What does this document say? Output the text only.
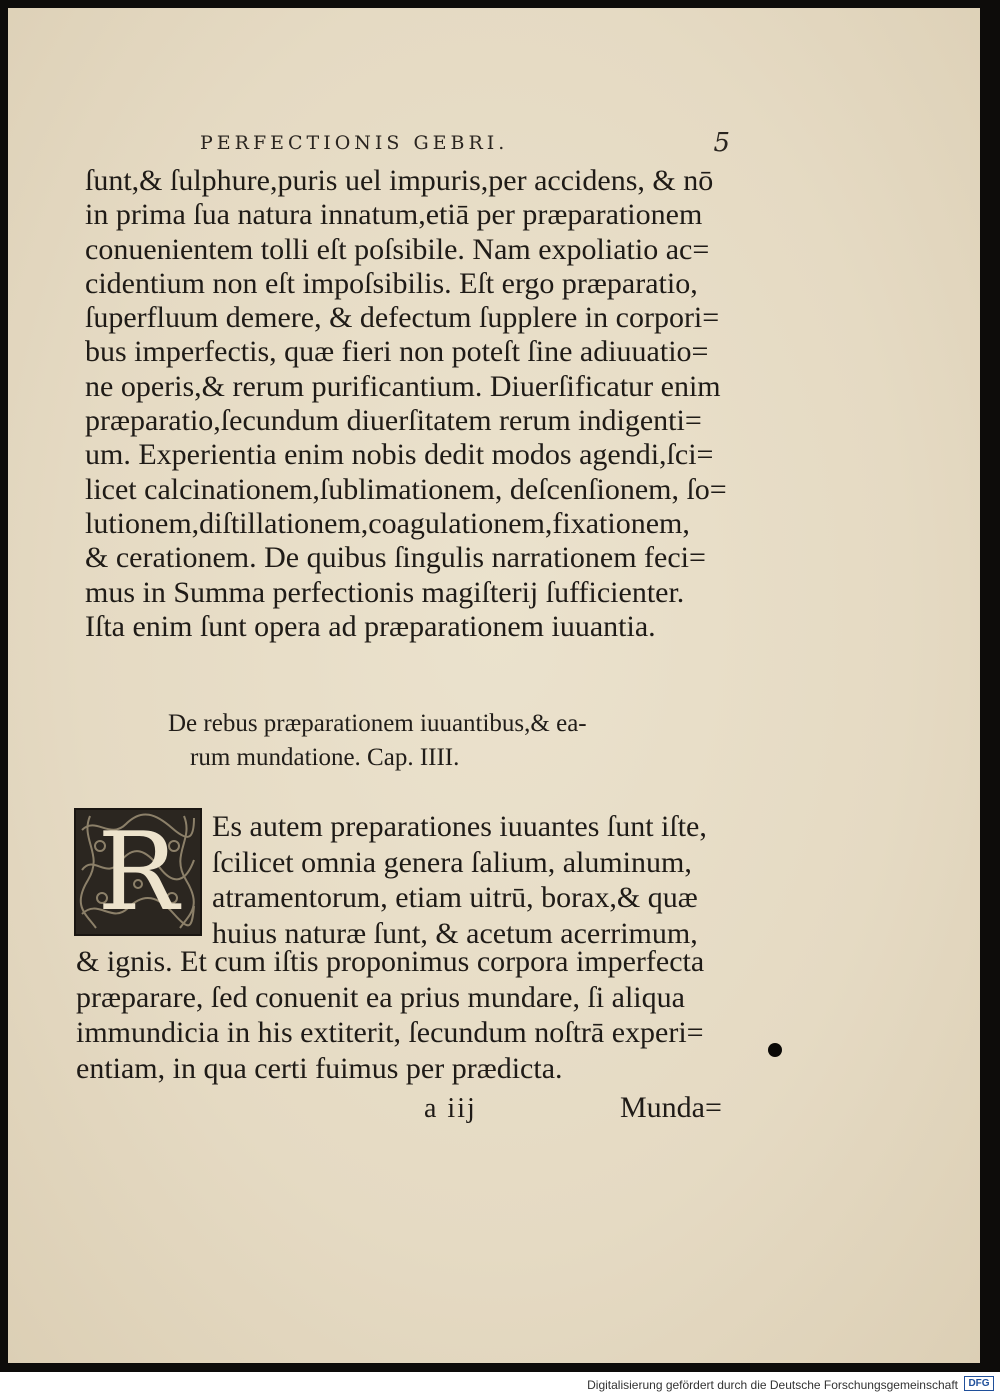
PERFECTIONIS GEBRI.	5
ſunt,& ſulphure,puris uel impuris,per accidens, & nō
in prima ſua natura innatum,etiā per præparationem
conuenientem tolli eſt poſsibile. Nam expoliatio ac=
cidentium non eſt impoſsibilis. Eſt ergo præparatio,
ſuperfluum demere, & defectum ſupplere in corpori=
bus imperfectis, quæ fieri non poteſt ſine adiuuatio=
ne operis,& rerum purificantium. Diuerſificatur enim
præparatio,ſecundum diuerſitatem rerum indigenti=
um. Experientia enim nobis dedit modos agendi,ſci=
licet calcinationem,ſublimationem, deſcenſionem, ſo=
lutionem,diſtillationem,coagulationem,fixationem,
& cerationem. De quibus ſingulis narrationem feci=
mus in Summa perfectionis magiſterij ſufficienter.
Iſta enim ſunt opera ad præparationem iuuantia.
De rebus præparationem iuuantibus,& ea-
rum mundatione. Cap. IIII.
R	Es autem preparationes iuuantes ſunt iſte,
ſcilicet omnia genera ſalium, aluminum,
atramentorum, etiam uitrū, borax,& quæ
huius naturæ ſunt, & acetum acerrimum,
& ignis. Et cum iſtis proponimus corpora imperfecta
præparare, ſed conuenit ea prius mundare, ſi aliqua
immundicia in his extiterit, ſecundum noſtrā experi=
entiam, in qua certi fuimus per prædicta.
a iij	Munda=
Digitalisierung gefördert durch die Deutsche Forschungsgemeinschaft	DFG
